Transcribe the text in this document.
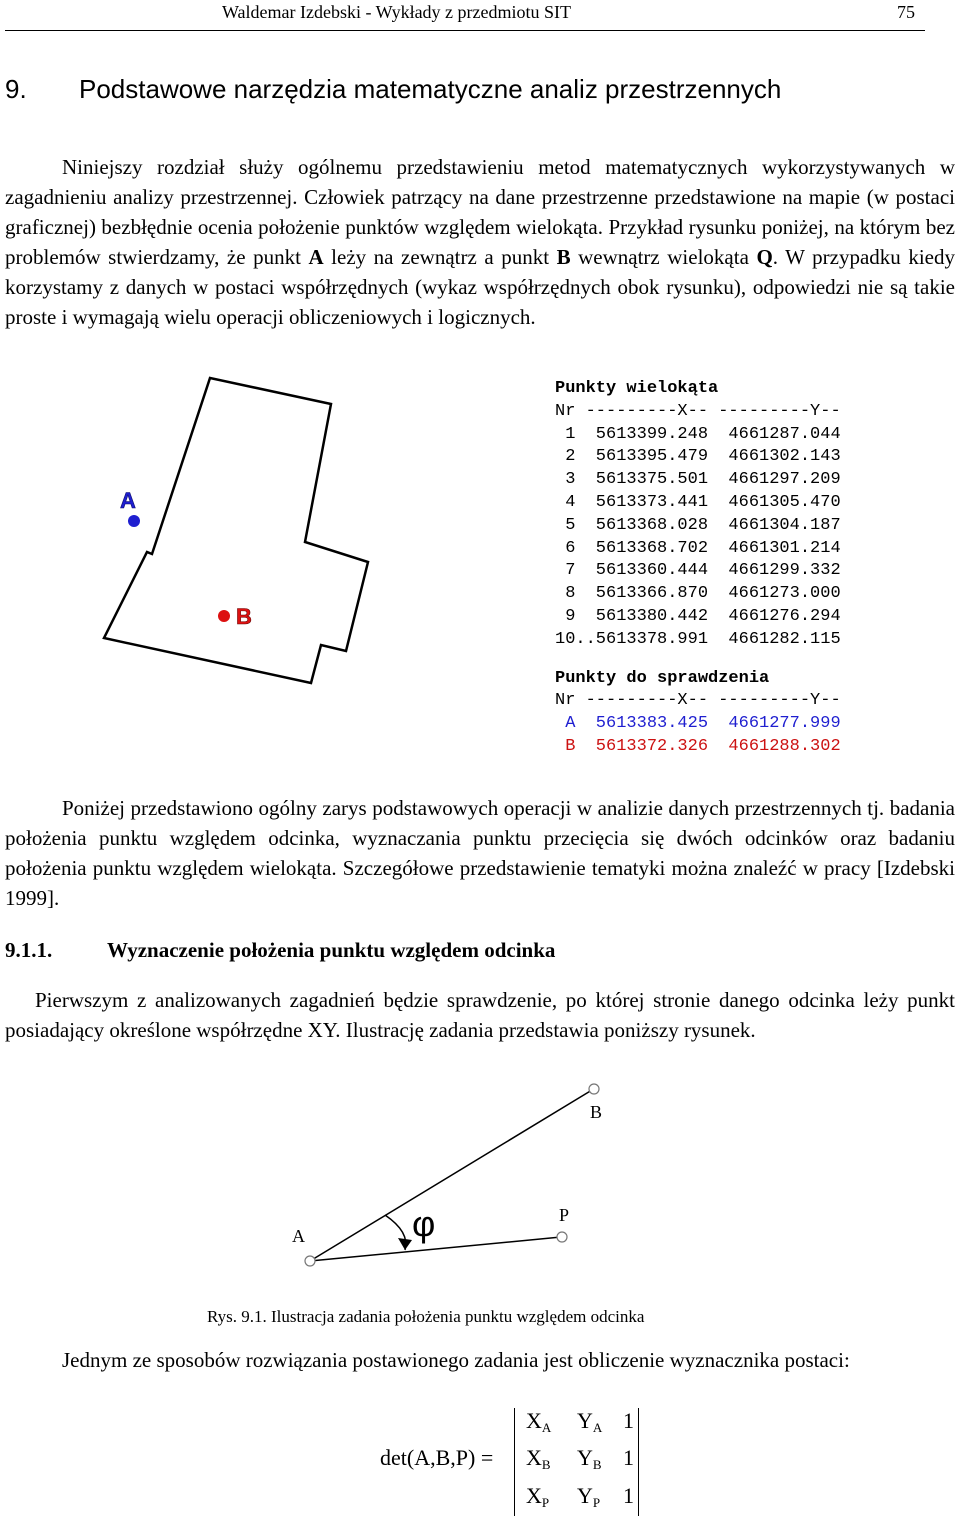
Waldemar Izdebski - Wykłady z przedmiotu SIT	75
9. Podstawowe narzędzia matematyczne analiz przestrzennych

Niniejszy rozdział służy ogólnemu przedstawieniu metod matematycznych wykorzystywanych w zagadnieniu analizy przestrzennej. Człowiek patrzący na dane przestrzenne przedstawione na mapie (w postaci graficznej) bezbłędnie ocenia położenie punktów względem wielokąta. Przykład rysunku poniżej, na którym bez problemów stwierdzamy, że punkt A leży na zewnątrz a punkt B wewnątrz wielokąta Q. W przypadku kiedy korzystamy z danych w postaci współrzędnych (wykaz współrzędnych obok rysunku), odpowiedzi nie są takie proste i wymagają wielu operacji obliczeniowych i logicznych.

A
B
Punkty wielokąta
Nr ---------X-- ---------Y--
1  5613399.248  4661287.044
2  5613395.479  4661302.143
3  5613375.501  4661297.209
4  5613373.441  4661305.470
5  5613368.028  4661304.187
6  5613368.702  4661301.214
7  5613360.444  4661299.332
8  5613366.870  4661273.000
9  5613380.442  4661276.294
10..5613378.991  4661282.115
Punkty do sprawdzenia
Nr ---------X-- ---------Y--
A  5613383.425  4661277.999
B  5613372.326  4661288.302

Poniżej przedstawiono ogólny zarys podstawowych operacji w analizie danych przestrzennych tj. badania położenia punktu względem odcinka, wyznaczania punktu przecięcia się dwóch odcinków oraz badaniu położenia punktu względem wielokąta. Szczegółowe przedstawienie tematyki można znaleźć w pracy [Izdebski 1999].

9.1.1.	Wyznaczenie położenia punktu względem odcinka

Pierwszym z analizowanych zagadnień będzie sprawdzenie, po której stronie danego odcinka leży punkt posiadający określone współrzędne XY. Ilustrację zadania przedstawia poniższy rysunek.

A
B
P
φ
Rys. 9.1. Ilustracja zadania położenia punktu względem odcinka

Jednym ze sposobów rozwiązania postawionego zadania jest obliczenie wyznacznika postaci:

det(A,B,P) =
$X_A$ $Y_A$ 1
$X_B$ $Y_B$ 1
$X_P$ $Y_P$ 1
